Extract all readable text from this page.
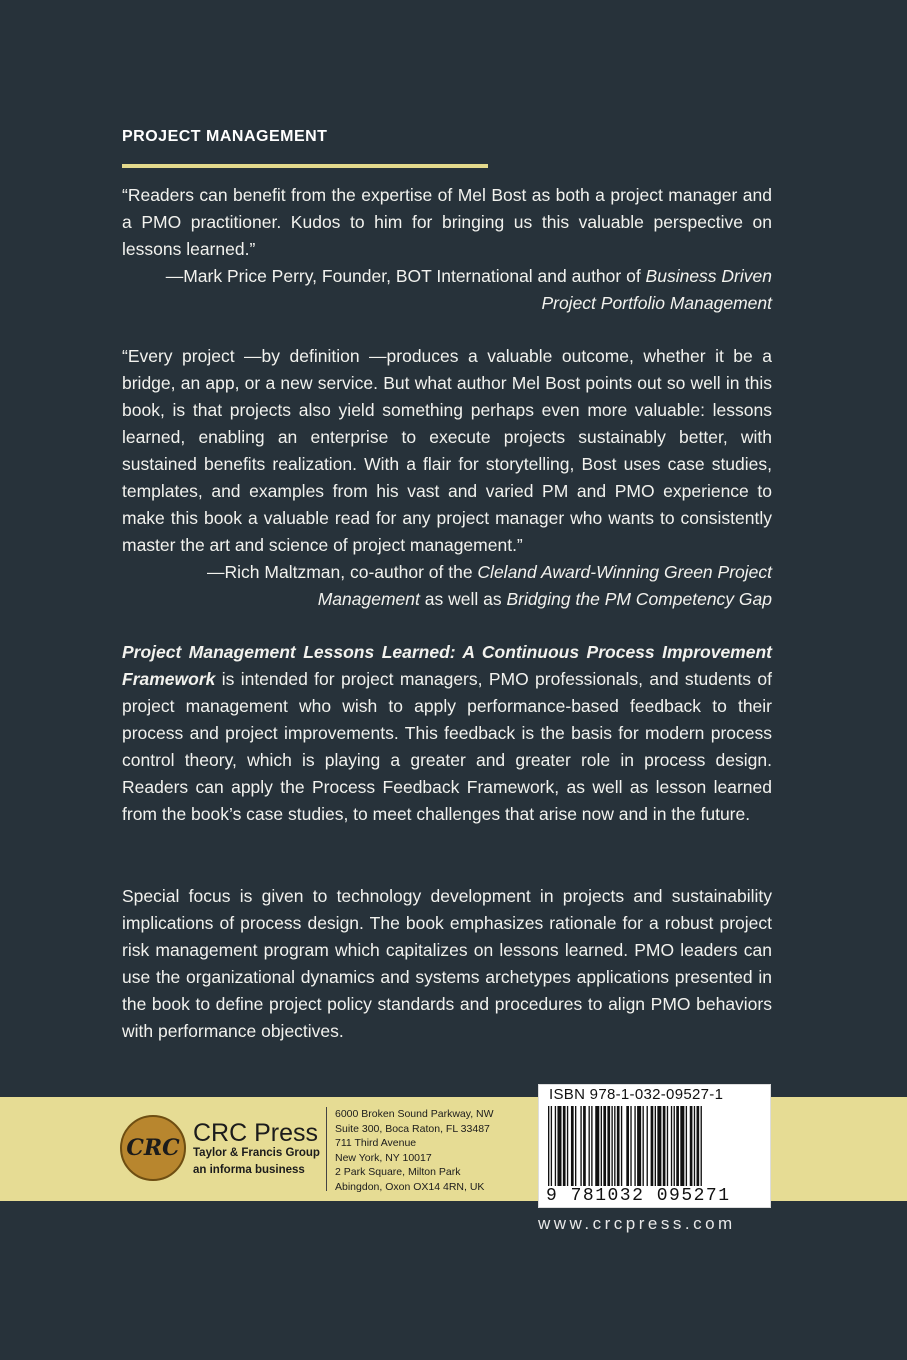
PROJECT MANAGEMENT

“Readers can benefit from the expertise of Mel Bost as both a project manager and a PMO practitioner. Kudos to him for bringing us this valuable perspective on lessons learned.”

—Mark Price Perry, Founder, BOT International and author of Business Driven Project Portfolio Management

“Every project —by definition —produces a valuable outcome, whether it be a bridge, an app, or a new service. But what author Mel Bost points out so well in this book, is that projects also yield something perhaps even more valuable: lessons learned, enabling an enterprise to execute projects sustainably better, with sustained benefits realization. With a flair for storytelling, Bost uses case studies, templates, and examples from his vast and varied PM and PMO experience to make this book a valuable read for any project manager who wants to consistently master the art and science of project management.”

—Rich Maltzman, co-author of the Cleland Award-Winning Green Project Management as well as Bridging the PM Competency Gap

Project Management Lessons Learned: A Continuous Process Improvement Framework is intended for project managers, PMO professionals, and students of project management who wish to apply performance-based feedback to their process and project improvements. This feedback is the basis for modern process control theory, which is playing a greater and greater role in process design. Readers can apply the Process Feedback Framework, as well as lesson learned from the book’s case studies, to meet challenges that arise now and in the future.

Special focus is given to technology development in projects and sustainability implications of process design. The book emphasizes rationale for a robust project risk management program which capitalizes on lessons learned. PMO leaders can use the organizational dynamics and systems archetypes applications presented in the book to define project policy standards and procedures to align PMO behaviors with performance objectives.

CRC
CRC Press
Taylor & Francis Group
an informa business
6000 Broken Sound Parkway, NW
Suite 300, Boca Raton, FL 33487
711 Third Avenue
New York, NY 10017
2 Park Square, Milton Park
Abingdon, Oxon OX14 4RN, UK
ISBN 978-1-032-09527-1
9 781032 095271
www.crcpress.com
